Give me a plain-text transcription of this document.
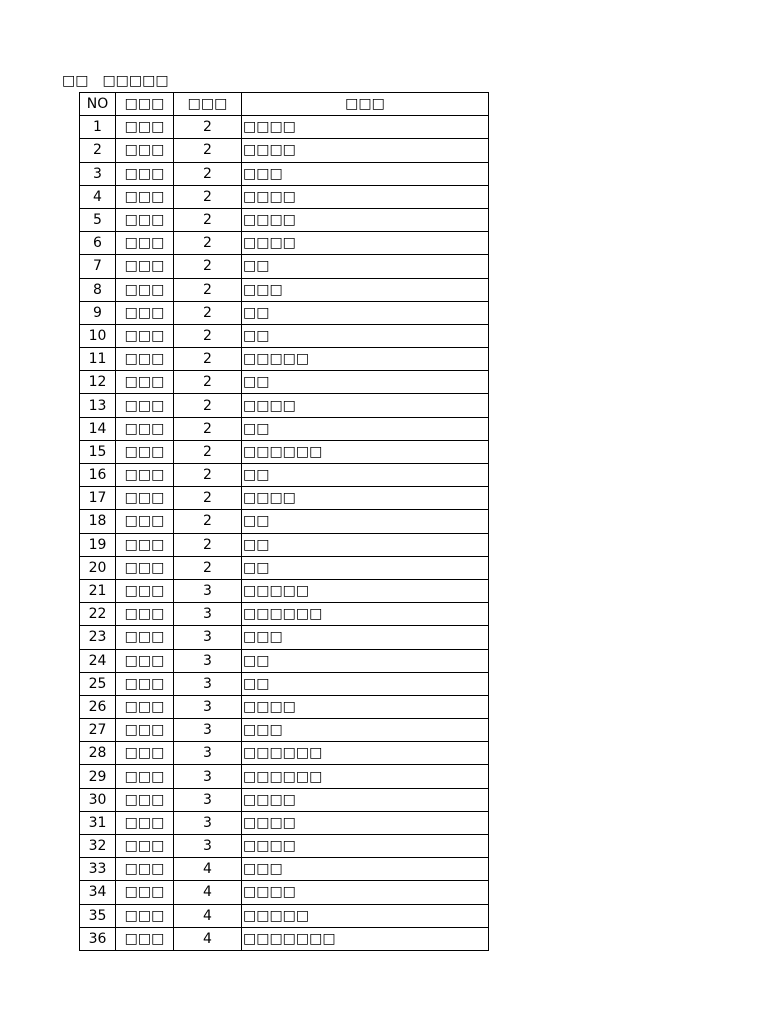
□□　□□□□□
NO	□□□	□□□	□□□
1	□□□	2	□□□□
2	□□□	2	□□□□
3	□□□	2	□□□
4	□□□	2	□□□□
5	□□□	2	□□□□
6	□□□	2	□□□□
7	□□□	2	□□
8	□□□	2	□□□
9	□□□	2	□□
10	□□□	2	□□
11	□□□	2	□□□□□
12	□□□	2	□□
13	□□□	2	□□□□
14	□□□	2	□□
15	□□□	2	□□□□□□
16	□□□	2	□□
17	□□□	2	□□□□
18	□□□	2	□□
19	□□□	2	□□
20	□□□	2	□□
21	□□□	3	□□□□□
22	□□□	3	□□□□□□
23	□□□	3	□□□
24	□□□	3	□□
25	□□□	3	□□
26	□□□	3	□□□□
27	□□□	3	□□□
28	□□□	3	□□□□□□
29	□□□	3	□□□□□□
30	□□□	3	□□□□
31	□□□	3	□□□□
32	□□□	3	□□□□
33	□□□	4	□□□
34	□□□	4	□□□□
35	□□□	4	□□□□□
36	□□□	4	□□□□□□□
